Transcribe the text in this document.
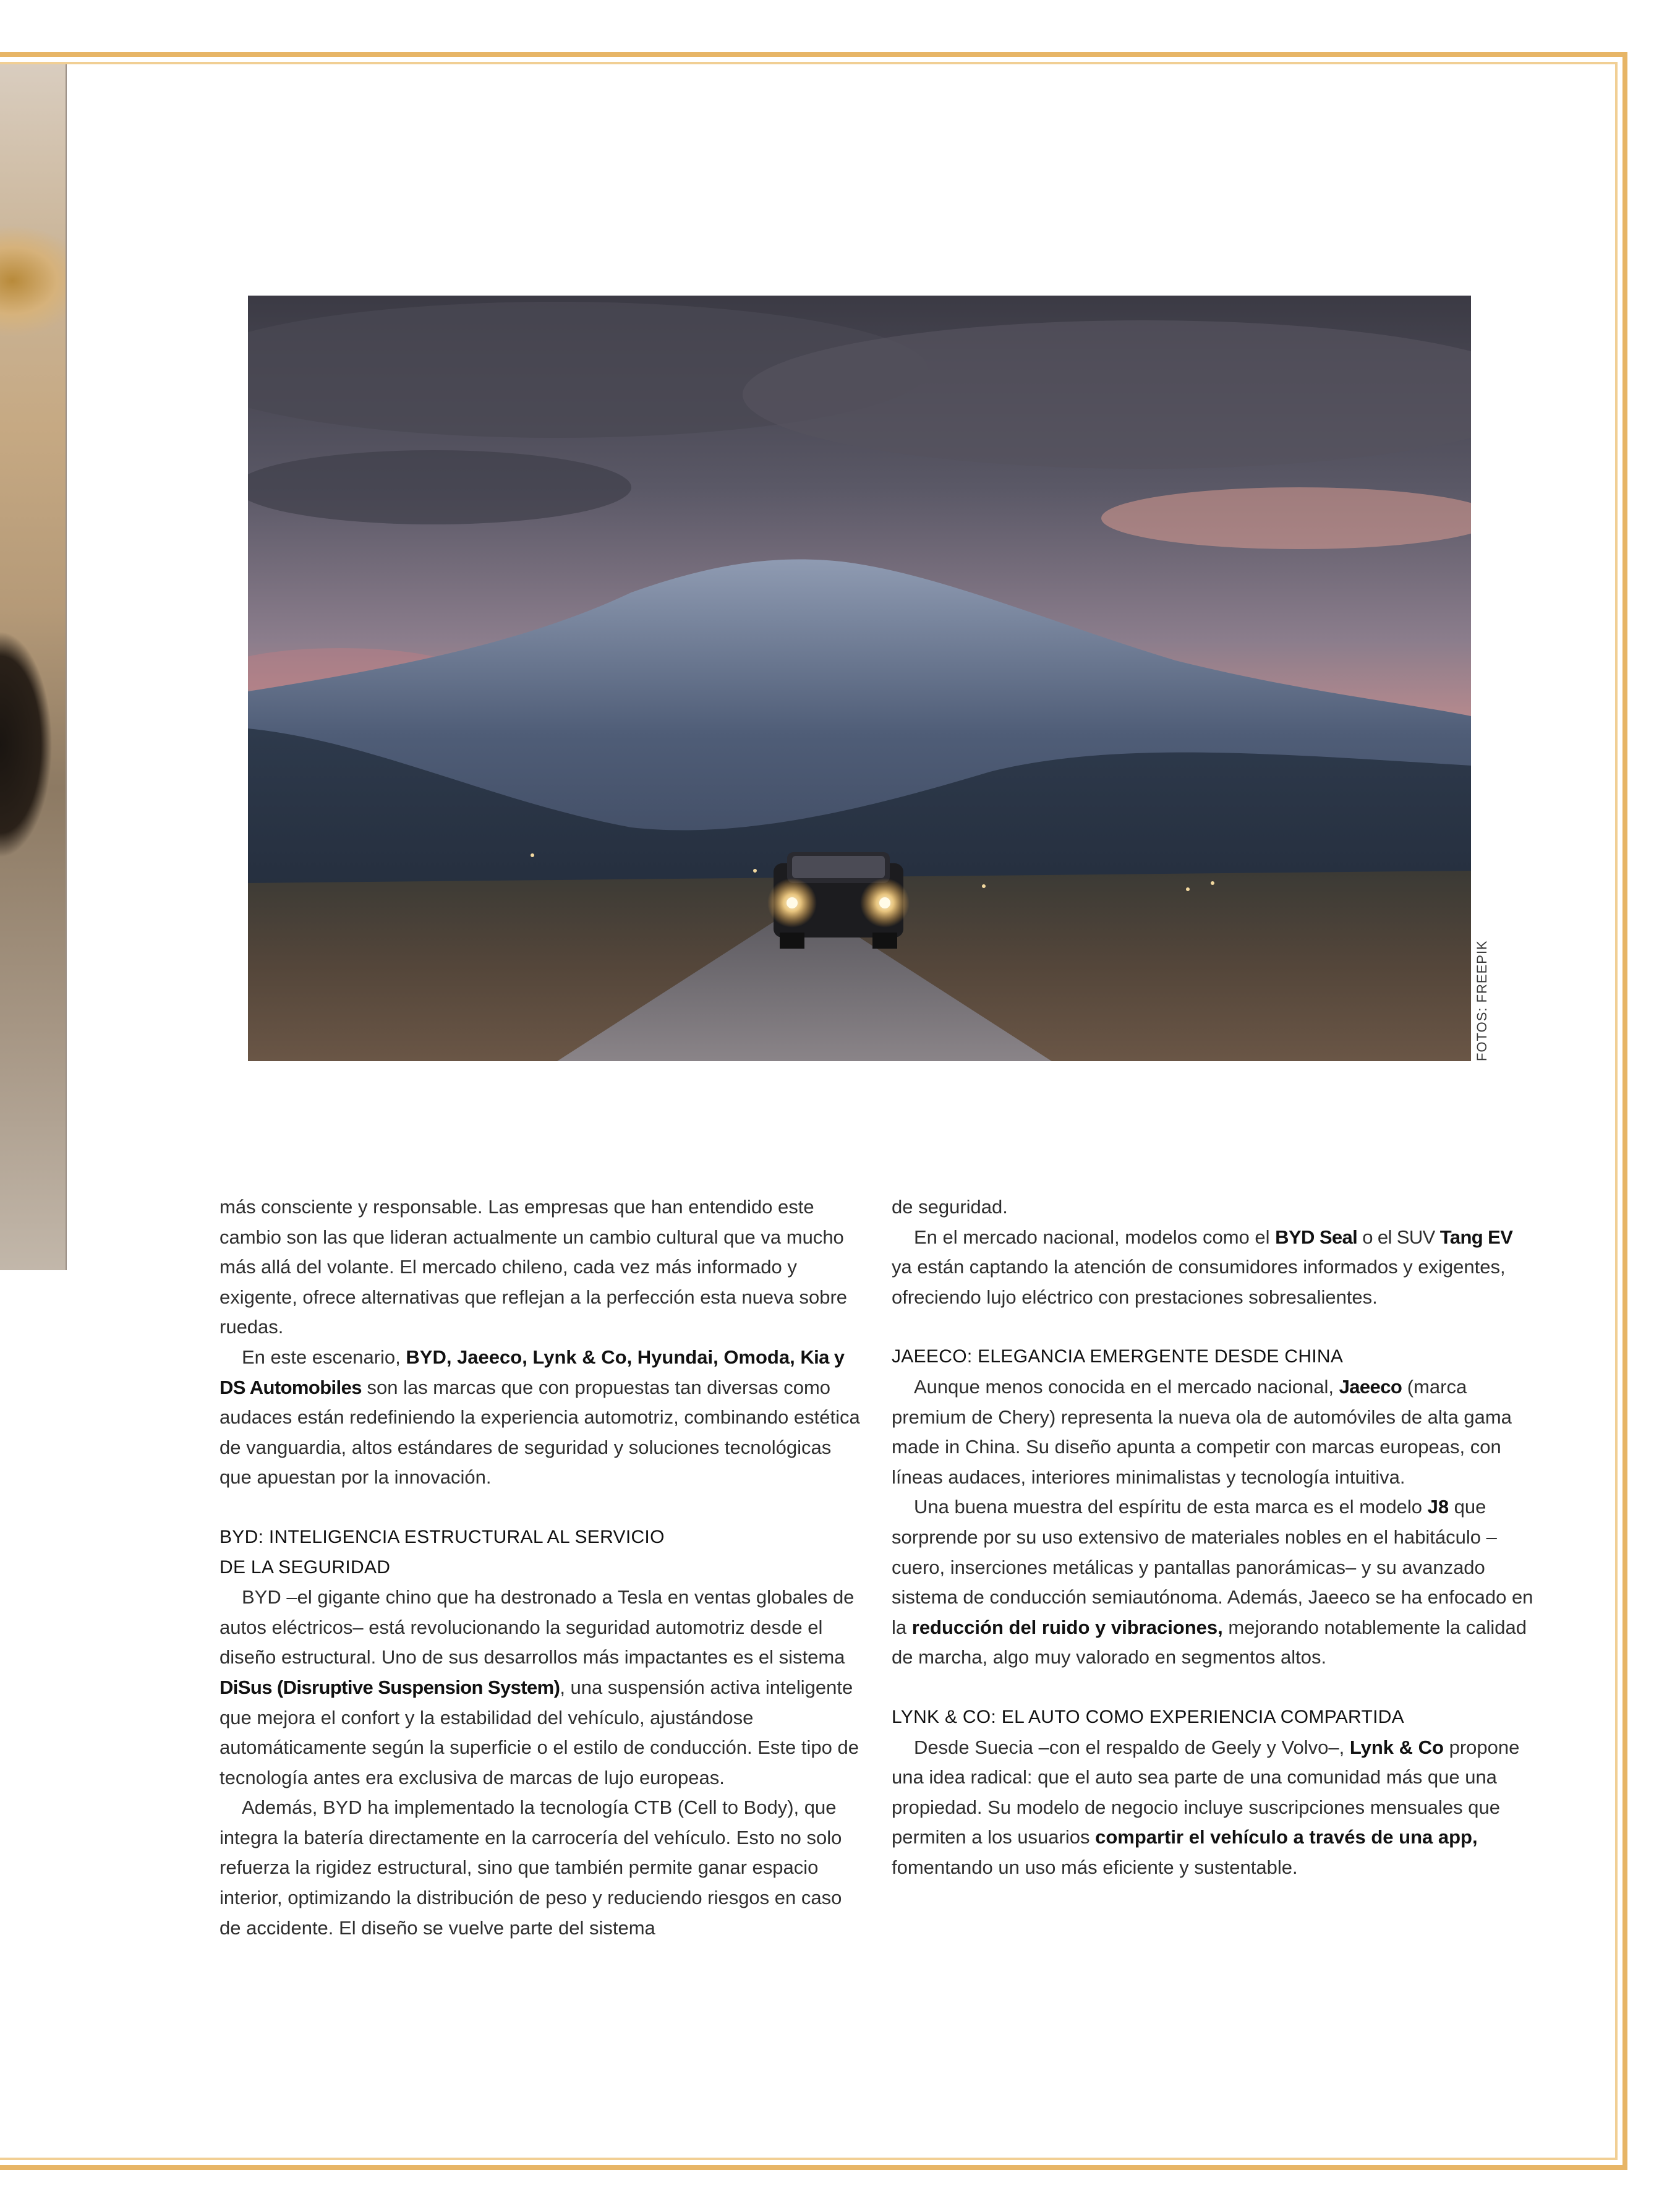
FOTOS: FREEPIK

más consciente y responsable. Las empresas que han entendido este cambio son las que lideran actualmente un cambio cultural que va mucho más allá del volante. El mercado chileno, cada vez más informado y exigente, ofrece alternativas que reflejan a la perfección esta nueva sobre ruedas.

En este escenario, BYD, Jaeeco, Lynk & Co, Hyundai, Omoda, Kia y DS Automobiles son las marcas que con propuestas tan diversas como audaces están redefiniendo la experiencia automotriz, combinando estética de vanguardia, altos estándares de seguridad y soluciones tecnológicas que apuestan por la innovación.

BYD: INTELIGENCIA ESTRUCTURAL AL SERVICIO
DE LA SEGURIDAD

BYD –el gigante chino que ha destronado a Tesla en ventas globales de autos eléctricos– está revolucionando la seguridad automotriz desde el diseño estructural. Uno de sus desarrollos más impactantes es el sistema DiSus (Disruptive Suspension System), una suspensión activa inteligente que mejora el confort y la estabilidad del vehículo, ajustándose automáticamente según la superficie o el estilo de conducción. Este tipo de tecnología antes era exclusiva de marcas de lujo europeas.

Además, BYD ha implementado la tecnología CTB (Cell to Body), que integra la batería directamente en la carrocería del vehículo. Esto no solo refuerza la rigidez estructural, sino que también permite ganar espacio interior, optimizando la distribución de peso y reduciendo riesgos en caso de accidente. El diseño se vuelve parte del sistema

de seguridad.

En el mercado nacional, modelos como el BYD Seal o el SUV Tang EV ya están captando la atención de consumidores informados y exigentes, ofreciendo lujo eléctrico con prestaciones sobresalientes.

JAEECO: ELEGANCIA EMERGENTE DESDE CHINA

Aunque menos conocida en el mercado nacional, Jaeeco (marca premium de Chery) representa la nueva ola de automóviles de alta gama made in China. Su diseño apunta a competir con marcas europeas, con líneas audaces, interiores minimalistas y tecnología intuitiva.

Una buena muestra del espíritu de esta marca es el modelo J8 que sorprende por su uso extensivo de materiales nobles en el habitáculo –cuero, inserciones metálicas y pantallas panorámicas– y su avanzado sistema de conducción semiautónoma. Además, Jaeeco se ha enfocado en la reducción del ruido y vibraciones, mejorando notablemente la calidad de marcha, algo muy valorado en segmentos altos.

LYNK & CO: EL AUTO COMO EXPERIENCIA COMPARTIDA

Desde Suecia –con el respaldo de Geely y Volvo–, Lynk & Co propone una idea radical: que el auto sea parte de una comunidad más que una propiedad. Su modelo de negocio incluye suscripciones mensuales que permiten a los usuarios compartir el vehículo a través de una app, fomentando un uso más eficiente y sustentable.
